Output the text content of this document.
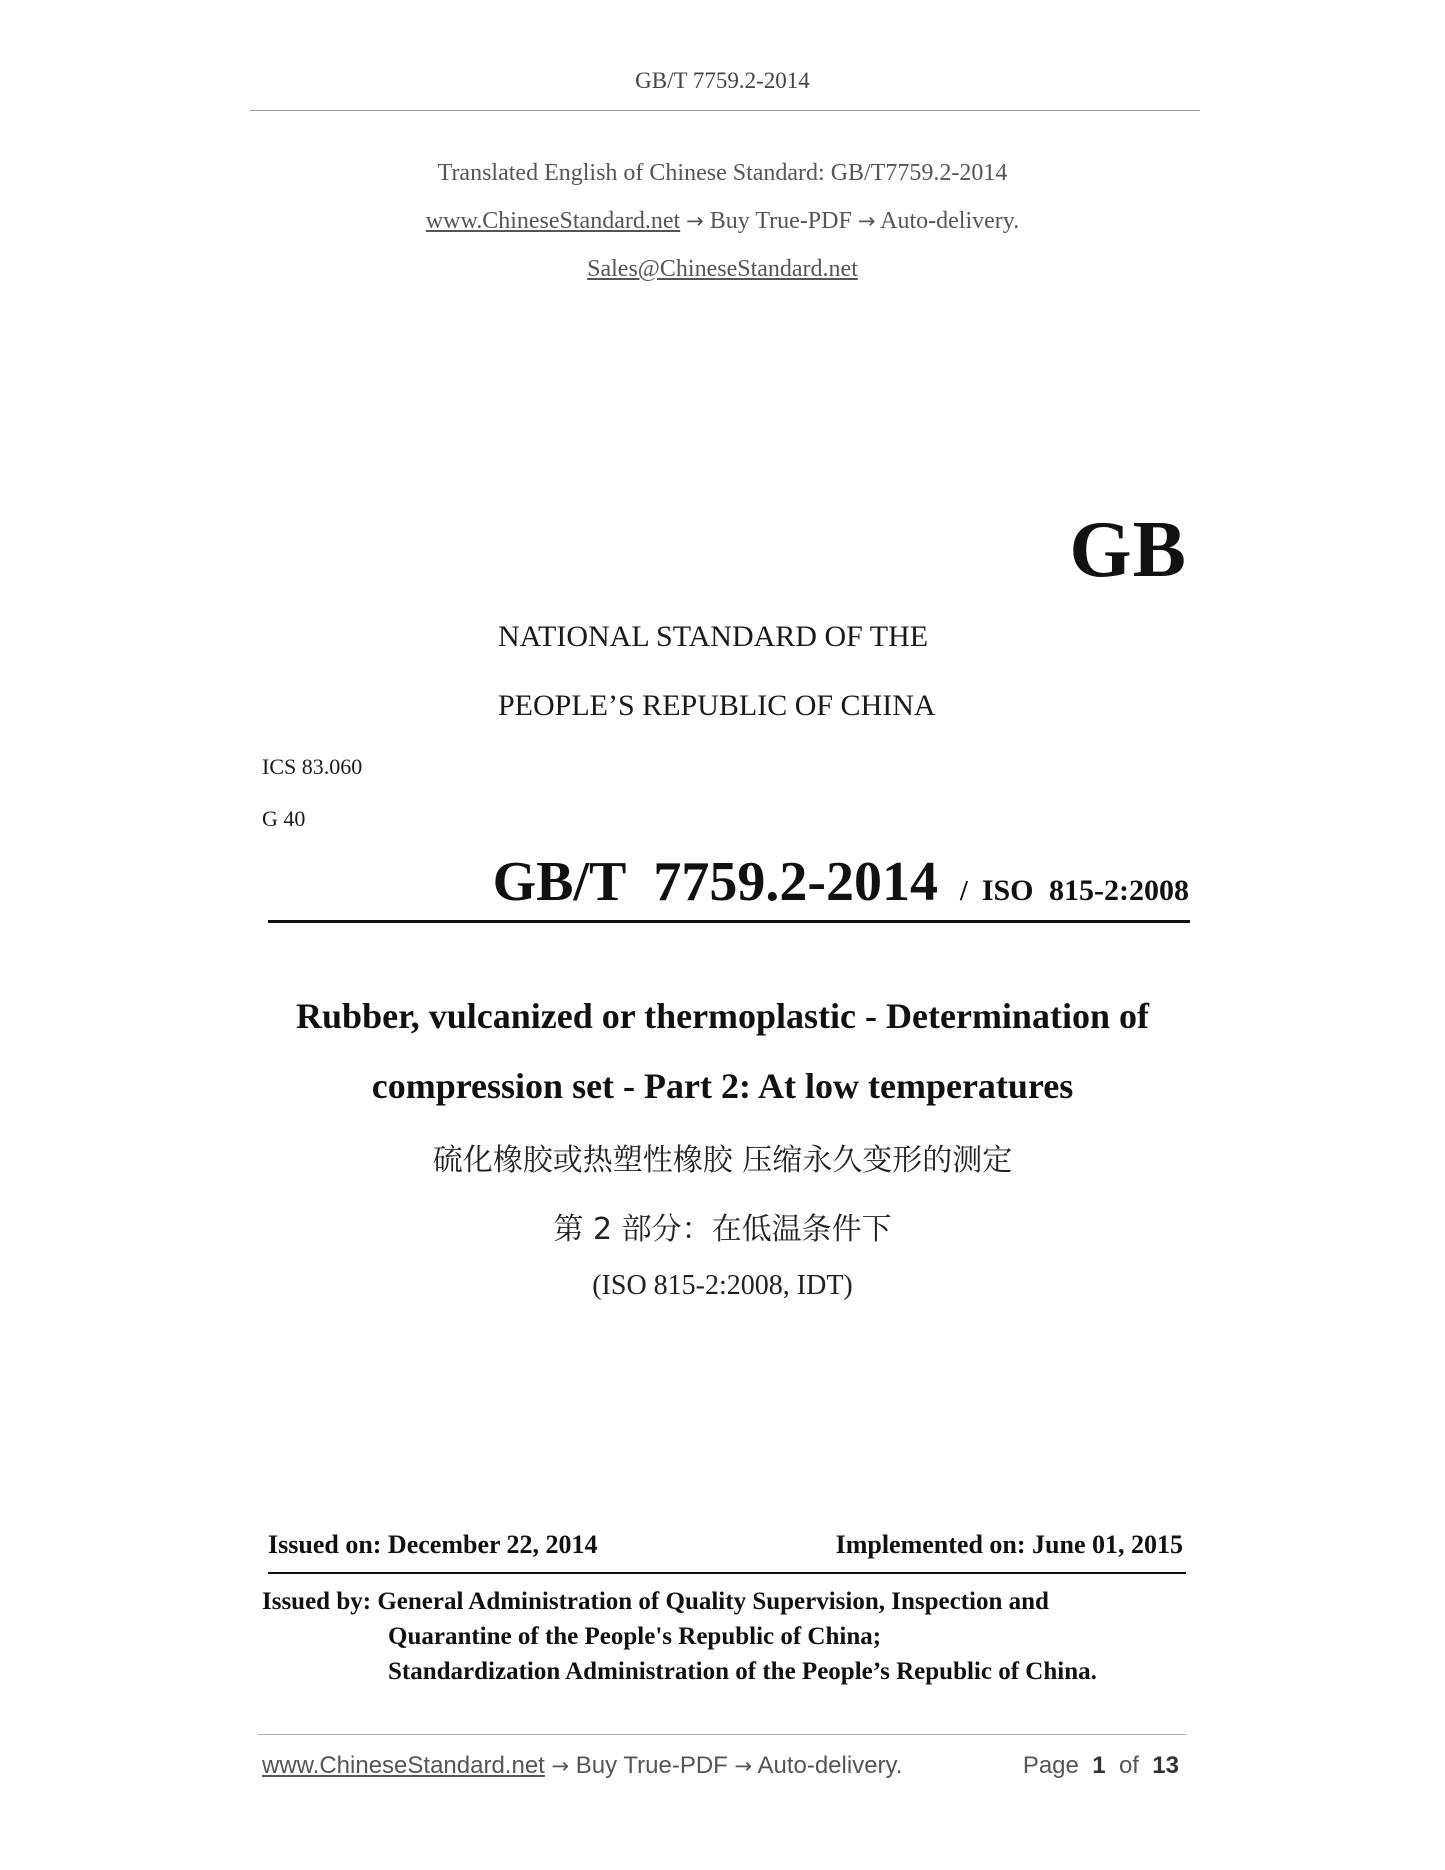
GB/T 7759.2-2014
Translated English of Chinese Standard: GB/T7759.2-2014
www.ChineseStandard.net → Buy True-PDF → Auto-delivery.
Sales@ChineseStandard.net
GB
NATIONAL STANDARD OF THE
PEOPLE’S REPUBLIC OF CHINA
ICS 83.060
G 40
GB/T 7759.2-2014 / ISO 815-2:2008
Rubber, vulcanized or thermoplastic - Determination of
compression set - Part 2: At low temperatures
硫化橡胶或热塑性橡胶 压缩永久变形的测定
第 2 部分：在低温条件下
(ISO 815-2:2008, IDT)
Issued on: December 22, 2014	Implemented on: June 01, 2015
Issued by: General Administration of Quality Supervision, Inspection and
Quarantine of the People's Republic of China;
Standardization Administration of the People’s Republic of China.
www.ChineseStandard.net → Buy True-PDF → Auto-delivery.	Page 1 of 13
